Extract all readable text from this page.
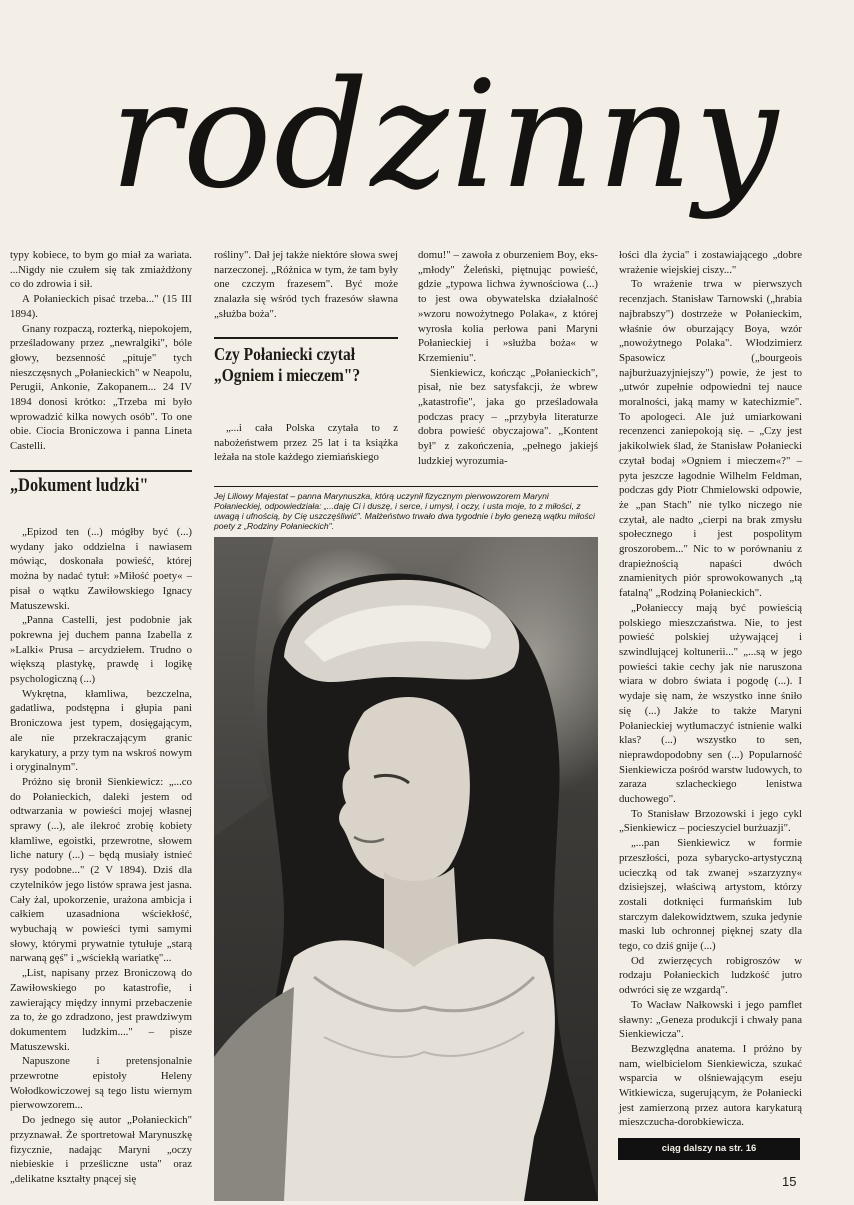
rodzinny

typy kobiece, to bym go miał za wariata. ...Nigdy nie czułem się tak zmiażdżony co do zdrowia i sił.

A Połanieckich pisać trzeba..." (15 III 1894).

Gnany rozpaczą, rozterką, niepokojem, prześladowany przez „newralgiki", bóle głowy, bezsenność „pituje" tych nieszczęsnych „Połanieckich" w Neapolu, Perugii, Ankonie, Zakopanem... 24 IV 1894 donosi krótko: „Trzeba mi było wprowadzić kilka nowych osób". To one obie. Ciocia Broniczowa i panna Lineta Castelli.

„Dokument ludzki"

„Epizod ten (...) mógłby być (...) wydany jako oddzielna i nawiasem mówiąc, doskonała powieść, której można by nadać tytuł: »Miłość poety« – pisał o wątku Zawiłowskiego Ignacy Matuszewski.

„Panna Castelli, jest podobnie jak pokrewna jej duchem panna Izabella z »Lalki« Prusa – arcydziełem. Trudno o większą plastykę, prawdę i logikę psychologiczną (...)

Wykrętna, kłamliwa, bezczelna, gadatliwa, podstępna i głupia pani Broniczowa jest typem, dosięgającym, ale nie przekraczającym granic karykatury, a przy tym na wskroś nowym i oryginalnym".

Próżno się bronił Sienkiewicz: „...co do Połanieckich, daleki jestem od odtwarzania w powieści mojej własnej sprawy (...), ale ilekroć zrobię kobiety kłamliwe, egoistki, przewrotne, słowem liche natury (...) – będą musiały istnieć rysy podobne..." (2 V 1894). Dziś dla czytelników jego listów sprawa jest jasna. Cały żal, upokorzenie, urażona ambicja i całkiem uzasadniona wściekłość, wybuchają w powieści tymi samymi słowy, którymi prywatnie tytułuje „starą narwaną gęś" i „wściekłą wariatkę"...

„List, napisany przez Broniczową do Zawiłowskiego po katastrofie, i zawierający między innymi przebaczenie za to, że go zdradzono, jest prawdziwym dokumentem ludzkim...." – pisze Matuszewski.

Napuszone i pretensjonalnie przewrotne epistoły Heleny Wołodkowiczowej są tego listu wiernym pierwowzorem...

Do jednego się autor „Połanieckich" przyznawał. Że sportretował Marynuszkę fizycznie, nadając Maryni „oczy niebieskie i prześliczne usta" oraz „delikatne kształty pnącej się

rośliny". Dał jej także niektóre słowa swej narzeczonej. „Różnica w tym, że tam były one czczym frazesem". Być może znalazła się wśród tych frazesów sławna „służba boża".

Czy Połaniecki czytał „Ogniem i mieczem"?

„...i cała Polska czytała to z nabożeństwem przez 25 lat i ta książka leżała na stole każdego ziemiańskiego

domu!" – zawoła z oburzeniem Boy, eks-„młody" Żeleński, piętnując powieść, gdzie „typowa lichwa żywnościowa (...) to jest owa obywatelska działalność »wzoru nowożytnego Polaka«, z której wyrosła kolia perłowa pani Maryni Połanieckiej i »służba boża« w Krzemieniu".

Sienkiewicz, kończąc „Połanieckich", pisał, nie bez satysfakcji, że wbrew „katastrofie", jaka go prześladowała podczas pracy – „przybyła literaturze dobra powieść obyczajowa". „Kontent był" z zakończenia, „pełnego jakiejś ludzkiej wyrozumia-

Jej Liliowy Majestat – panna Marynuszka, którą uczynił fizycznym pierwowzorem Maryni Połanieckiej, odpowiedziała: „...daję Ci i duszę, i serce, i umysł, i oczy, i usta moje, to z miłości, z uwagą i ufnością, by Cię uszczęśliwić". Małżeństwo trwało dwa tygodnie i było genezą wątku miłości poety z „Rodziny Połanieckich".

łości dla życia" i zostawiającego „dobre wrażenie wiejskiej ciszy..."

To wrażenie trwa w pierwszych recenzjach. Stanisław Tarnowski („hrabia najbrabszy") dostrzeże w Połanieckim, właśnie ów oburzający Boya, wzór „nowożytnego Polaka". Włodzimierz Spasowicz („bourgeois najburżuazyjniejszy") powie, że jest to „utwór zupełnie odpowiedni tej naucе moralności, jaką mamy w katechizmie". To apologeci. Ale już umiarkowani recenzenci zaniepokoją się. – „Czy jest jakikolwiek ślad, że Stanisław Połaniecki czytał bodaj »Ogniem i mieczem«?" – pyta jeszcze łagodnie Wilhelm Feldman, podczas gdy Piotr Chmielowski odpowie, że „pan Stach" nie tylko niczego nie czytał, ale nadto „cierpi na brak zmysłu społecznego i jest pospolitym groszorobem..." Nic to w porównaniu z drapieżnością napaści dwóch znamienitych piór sprowokowanych „tą fatalną" „Rodziną Połanieckich".

„Połanieccy mają być powieścią polskiego mieszczaństwa. Nie, to jest powieść polskiej używającej i szwindlującej koltunerii..." „...są w jego powieści takie cechy jak nie naruszona wiara w dobro świata i pogodę (...). I wydaje się nam, że wszystko inne śniło się (...) Jakże to także Maryni Połanieckiej wytłumaczyć istnienie walki klas? (...) wszystko to sen, nieprawdopodobny sen (...) Popularność Sienkiewicza pośród warstw ludowych, to zaraza szlacheckiego lenistwa duchowego".

To Stanisław Brzozowski i jego cykl „Sienkiewicz – pocieszyciel burżuazji".

„...pan Sienkiewicz w formie przeszłości, poza sybarycko-artystyczną ucieczką od tak zwanej »szarzyzny« dzisiejszej, właściwą artystom, którzy zostali dotknięci furmańskim lub starczym dalekowidztwem, szuka jedynie maski lub ochronnej pięknej szaty dla tego, co dziś gnije (...)

Od zwierzęcych robigroszów w rodzaju Połanieckich ludzkość jutro odwróci się ze wzgardą".

To Wacław Nałkowski i jego pamflet sławny: „Geneza produkcji i chwały pana Sienkiewicza".

Bezwzględna anatema. I próżno by nam, wielbicielom Sienkiewicza, szukać wsparcia w olśniewającym eseju Witkiewicza, sugerującym, że Połaniecki jest zamierzoną przez autora karykaturą mieszczucha-dorobkiewicza.

ciąg dalszy na str. 16
15
